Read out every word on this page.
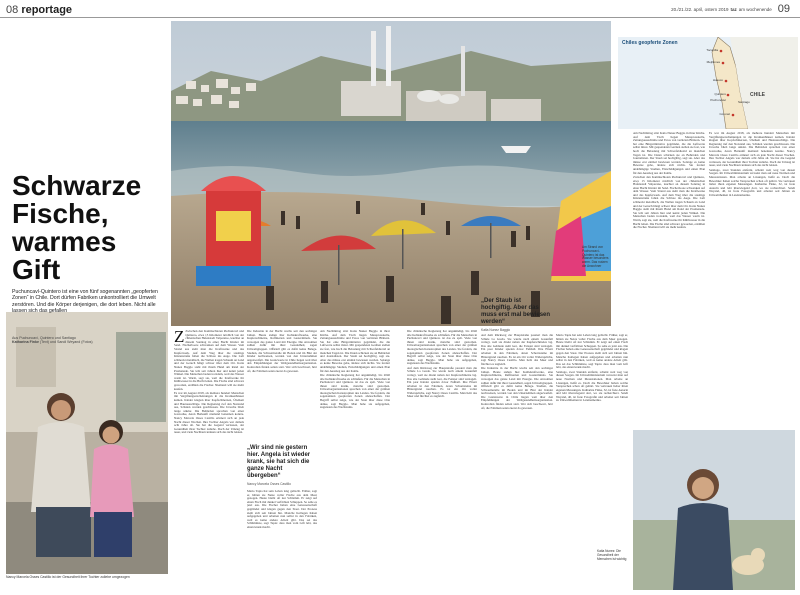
08 reportage	20./21./22. april, ostern 2019 taz am wochenende 09
Chiles geopferte Zonen
CHILE
Tocopilla
Mejillones
Huasco
Quintero
Puchuncaví
Coronel
Santiago
Schwarze
Fische,
warmes
Gift
Puchuncaví-Quintero ist eine von fünf sogenannten „geopferten Zonen“ in Chile. Dort dürfen Fabriken unkontrolliert die Umwelt zerstören. Und die Körper derjenigen, die dort leben. Nicht alle lassen sich das gefallen
Aus Puchuncaví, Quintero und Santiago
Katharina Finke (Text) und Sandi Weyand (Fotos)
Nancy Marcela Osses Castillo ist der Gesundheit ihrer Tochter zuliebe umgezogen
Am Strand von Puchuncaví-Quintero ist das Wasser besonders warm. Das nutzen die Anwohner
Katia Nunez: Die Gesundheit der Menschen ist wichtig

Z Zwischen den Kaminschloten Puchuncaví und Quintero, etwa 15 Kilometer nördlich von der chilenischen Hafenstadt Valparaíso, leuchtet an diesem Sonntag in einer Bucht Kinder im Sand. Fischerboote schwanken auf dem Wasser. Vom Strand aus sieht man die Kraftwerke und das Kupferwerk. Auf dem Weg über die staubige Küstenstraße fallen die Schlote ins Auge. Die Luft schmeckt metallisch, die Wellen tragen Schaum an Land und der Geruch hängt schwer über dem Ort. Katia Nunez Baggio steht mit ihrem Hund am Rand der Promenade. Sie lebt seit Jahren hier und kennt jeden Winkel. Die Menschen baden trotzdem, weil das Wasser warm ist. Warm, sagt sie, weil die Kraftwerke ihr Kühlwasser in die Bucht leiten. Die Fische sind schwarz geworden, erzählen die Fischer. Niemand will sie mehr kaufen.

Es war im August 2018, als mehrere hundert Menschen mit Vergiftungserscheinungen in die Krankenhäuser kamen. Kinder klagten über Kopfschmerzen, Übelkeit und Hautausschläge. Die Regierung rief den Notstand aus, Schulen wurden geschlossen. Die Ursache blieb lange unklar. Die Behörden sprachen von einer Gaswolke, deren Herkunft niemand benennen konnte. Nancy Marcela Osses Castillo erinnert sich an jede Nacht dieser Wochen. Ihre Tochter Angela war damals acht Jahre alt. Sie hat die Gegend verlassen, der Gesundheit ihrer Tochter zuliebe. Doch der Umzug ist teuer, und viele Nachbarn können sich das nicht leisten.

Die Industrie in der Bucht wuchs seit den sechziger Jahren. Heute stehen hier Kohlekraftwerke, eine Kupferschmelze, Raffinerien und Gasterminals. Sie versorgen das ganze Land mit Energie. Die Anwohner zahlen dafür mit ihrer Gesundheit, sagen Umweltgruppen. Offiziell gibt es dafür keine Belege. Studien, die Schwermetalle im Boden und im Blut der Kinder nachweisen, werden von den Unternehmen angezweifelt. Die Grenzwerte in Chile liegen weit über den Empfehlungen der Weltgesundheitsorganisation. Kontrollen finden selten statt. Wer sich beschwert, hört oft, die Fabriken seien zuerst da gewesen.

„Wir sind nie gestern hier. Angela ist wieder krank, sie hat sich die ganze Nacht übergeben“
Nancy Marcela Osses Castillo

Mario Tapia hat sein Leben lang gefischt. Früher, sagt er, hätten sie Netze voller Fische aus dem Meer gezogen. Heute bleibt oft nur Schlamm. Er zeigt auf einen Fisch mit dunkel verfärbten Schuppen. So sehe es jetzt aus. Die Fischer haben eine Genossenschaft gegründet und klagen gegen den Staat. Der Prozess zieht sich seit Jahren hin. Manche Kollegen haben aufgegeben und arbeiten nun selbst in den Fabriken, weil es keine andere Arbeit gibt. Das sei das Schlimmste, sagt Tapia: dass man vom Gift lebt, das einen krank macht.

Am Nachmittag sitzt Katia Nunez Baggio in ihrer Küche. Auf dem Tisch liegen Messprotokolle, Zeitungsausschnitte und Fotos von verätzten Blättern. Sie hat eine Bürgerinitiative gegründet, die die Luftwerte selbst misst. Mit gespendeten Geräten stellen sie fest, wie hoch die Belastung mit Schwefeldioxid an manchen Tagen ist. Die Daten schicken sie an Behörden und Journalisten. Der Staub sei hochgiftig, sagt sie. Aber das müsse erst einmal bewiesen werden. Solange es keine Beweise gebe, ändere sich nichts. Sie fordert unabhängige Studien, Entschädigungen und einen Plan für den Ausstieg aus der Kohle.

Die chilenische Regierung hat angekündigt, bis 2040 alle Kohlekraftwerke zu schließen. Für die Menschen in Puchuncaví und Quintero ist das zu spät. Viele von ihnen sind krank, manche sind gestorben. Umweltorganisationen sprechen von einer der größten ökologischen Katastrophen des Landes. Sie fordern, die sogenannten geopferten Zonen abzuschaffen. Der Begriff selbst zeige, wie der Staat über diese Orte denke, sagt Baggio. Man habe sie aufgegeben, zugunsten des Wachstums.

Die chilenische Regierung hat angekündigt, bis 2040 alle Kohlekraftwerke zu schließen. Für die Menschen in Puchuncaví und Quintero ist das zu spät. Viele von ihnen sind krank, manche sind gestorben. Umweltorganisationen sprechen von einer der größten ökologischen Katastrophen des Landes. Sie fordern, die sogenannten geopferten Zonen abzuschaffen. Der Begriff selbst zeige, wie der Staat über diese Orte denke, sagt Baggio. Man habe sie aufgegeben, zugunsten des Wachstums.

Auf dem Rückweg zur Hauptstraße passiert man die Schule La Greda. Sie wurde nach einem Gasunfall verlegt, weil sie direkt neben der Kupferschmelze lag. Das alte Gebäude steht leer, die Fenster sind vernagelt. Ein paar Kinder spielen davor Fußball. Ihre Eltern arbeiten in den Fabriken, deren Schornsteine im Hintergrund rauchen. Es ist ein Ort voller Widersprüche, sagt Nancy Osses Castillo. Man liebt das Meer und fürchtet es zugleich.

„Der Staub ist hochgiftig. Aber das muss erst mal bewiesen werden“
Katia Nunez Baggio

Auf dem Rückweg zur Hauptstraße passiert man die Schule La Greda. Sie wurde nach einem Gasunfall verlegt, weil sie direkt neben der Kupferschmelze lag. Das alte Gebäude steht leer, die Fenster sind vernagelt. Ein paar Kinder spielen davor Fußball. Ihre Eltern arbeiten in den Fabriken, deren Schornsteine im Hintergrund rauchen. Es ist ein Ort voller Widersprüche, sagt Nancy Osses Castillo. Man liebt das Meer und fürchtet es zugleich.

Die Industrie in der Bucht wuchs seit den sechziger Jahren. Heute stehen hier Kohlekraftwerke, eine Kupferschmelze, Raffinerien und Gasterminals. Sie versorgen das ganze Land mit Energie. Die Anwohner zahlen dafür mit ihrer Gesundheit, sagen Umweltgruppen. Offiziell gibt es dafür keine Belege. Studien, die Schwermetalle im Boden und im Blut der Kinder nachweisen, werden von den Unternehmen angezweifelt. Die Grenzwerte in Chile liegen weit über den Empfehlungen der Weltgesundheitsorganisation. Kontrollen finden selten statt. Wer sich beschwert, hört oft, die Fabriken seien zuerst da gewesen.

Mario Tapia hat sein Leben lang gefischt. Früher, sagt er, hätten sie Netze voller Fische aus dem Meer gezogen. Heute bleibt oft nur Schlamm. Er zeigt auf einen Fisch mit dunkel verfärbten Schuppen. So sehe es jetzt aus. Die Fischer haben eine Genossenschaft gegründet und klagen gegen den Staat. Der Prozess zieht sich seit Jahren hin. Manche Kollegen haben aufgegeben und arbeiten nun selbst in den Fabriken, weil es keine andere Arbeit gibt. Das sei das Schlimmste, sagt Tapia: dass man vom Gift lebt, das einen krank macht.

Santiago, zwei Stunden entfernt, scheint weit weg von diesen Sorgen. Im Umweltministerium verweist man auf neue Normen und Messstationen. Man arbeite an Lösungen, heißt es. Doch die Bewohner haben solche Versprechen schon oft gehört. Sie vertrauen lieber ihren eigenen Messungen. Katharina Finke, 32, ist freie Autorin und lebt überwiegend dort, wo sie recherchiert. Sandi Weyand, 40, ist freie Fotografin und arbeitet seit Jahren zu Umweltthemen in Lateinamerika.

Am Nachmittag sitzt Katia Nunez Baggio in ihrer Küche. Auf dem Tisch liegen Messprotokolle, Zeitungsausschnitte und Fotos von verätzten Blättern. Sie hat eine Bürgerinitiative gegründet, die die Luftwerte selbst misst. Mit gespendeten Geräten stellen sie fest, wie hoch die Belastung mit Schwefeldioxid an manchen Tagen ist. Die Daten schicken sie an Behörden und Journalisten. Der Staub sei hochgiftig, sagt sie. Aber das müsse erst einmal bewiesen werden. Solange es keine Beweise gebe, ändere sich nichts. Sie fordert unabhängige Studien, Entschädigungen und einen Plan für den Ausstieg aus der Kohle.

Zwischen den Kaminschloten Puchuncaví und Quintero, etwa 15 Kilometer nördlich von der chilenischen Hafenstadt Valparaíso, leuchtet an diesem Sonntag in einer Bucht Kinder im Sand. Fischerboote schwanken auf dem Wasser. Vom Strand aus sieht man die Kraftwerke und das Kupferwerk. Auf dem Weg über die staubige Küstenstraße fallen die Schlote ins Auge. Die Luft schmeckt metallisch, die Wellen tragen Schaum an Land und der Geruch hängt schwer über dem Ort. Katia Nunez Baggio steht mit ihrem Hund am Rand der Promenade. Sie lebt seit Jahren hier und kennt jeden Winkel. Die Menschen baden trotzdem, weil das Wasser warm ist. Warm, sagt sie, weil die Kraftwerke ihr Kühlwasser in die Bucht leiten. Die Fische sind schwarz geworden, erzählen die Fischer. Niemand will sie mehr kaufen.

Es war im August 2018, als mehrere hundert Menschen mit Vergiftungserscheinungen in die Krankenhäuser kamen. Kinder klagten über Kopfschmerzen, Übelkeit und Hautausschläge. Die Regierung rief den Notstand aus, Schulen wurden geschlossen. Die Ursache blieb lange unklar. Die Behörden sprachen von einer Gaswolke, deren Herkunft niemand benennen konnte. Nancy Marcela Osses Castillo erinnert sich an jede Nacht dieser Wochen. Ihre Tochter Angela war damals acht Jahre alt. Sie hat die Gegend verlassen, der Gesundheit ihrer Tochter zuliebe. Doch der Umzug ist teuer, und viele Nachbarn können sich das nicht leisten.

Santiago, zwei Stunden entfernt, scheint weit weg von diesen Sorgen. Im Umweltministerium verweist man auf neue Normen und Messstationen. Man arbeite an Lösungen, heißt es. Doch die Bewohner haben solche Versprechen schon oft gehört. Sie vertrauen lieber ihren eigenen Messungen. Katharina Finke, 32, ist freie Autorin und lebt überwiegend dort, wo sie recherchiert. Sandi Weyand, 40, ist freie Fotografin und arbeitet seit Jahren zu Umweltthemen in Lateinamerika.
